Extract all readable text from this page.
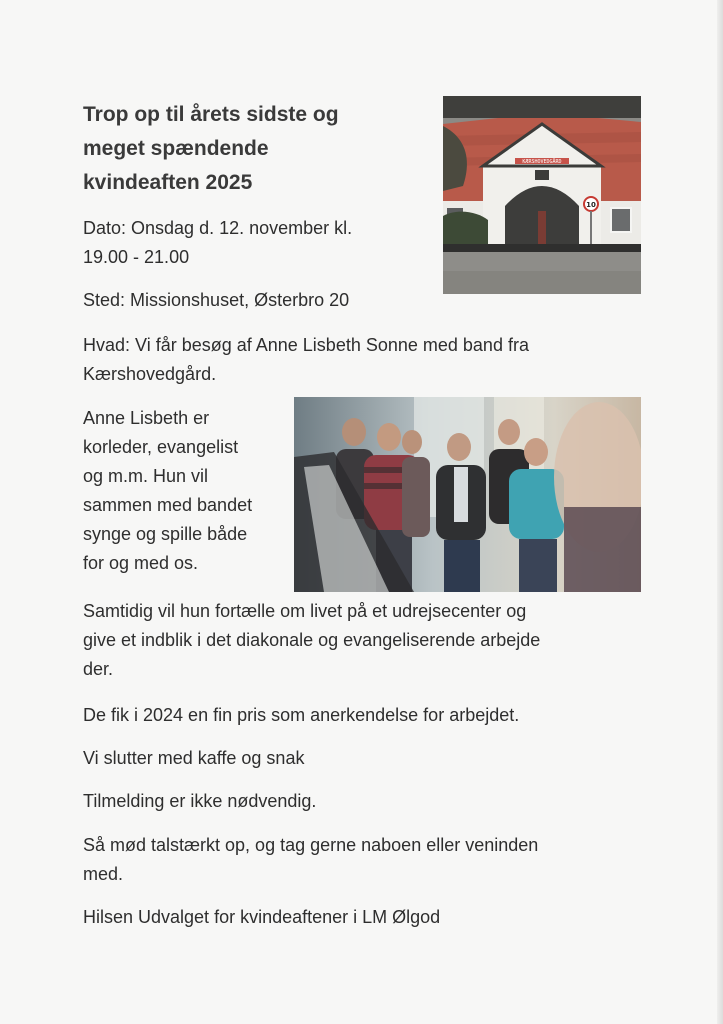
Trop op til årets sidste og
meget spændende
kvindeaften 2025
Dato: Onsdag d. 12. november kl.
19.00 - 21.00
Sted: Missionshuset, Østerbro 20
Hvad: Vi får besøg af Anne Lisbeth Sonne med band fra
Kærshovedgård.
Anne Lisbeth er
korleder, evangelist
og m.m. Hun vil
sammen med bandet
synge og spille både
for og med os.
Samtidig vil hun fortælle om livet på et udrejsecenter og
give et indblik i det diakonale og evangeliserende arbejde
der.
De fik i 2024 en fin pris som anerkendelse for arbejdet.
Vi slutter med kaffe og snak
Tilmelding er ikke nødvendig.
Så mød talstærkt op, og tag gerne naboen eller veninden
med.
Hilsen Udvalget for kvindeaftener i LM Ølgod
KÆRSHOVEDGÅRD
10
